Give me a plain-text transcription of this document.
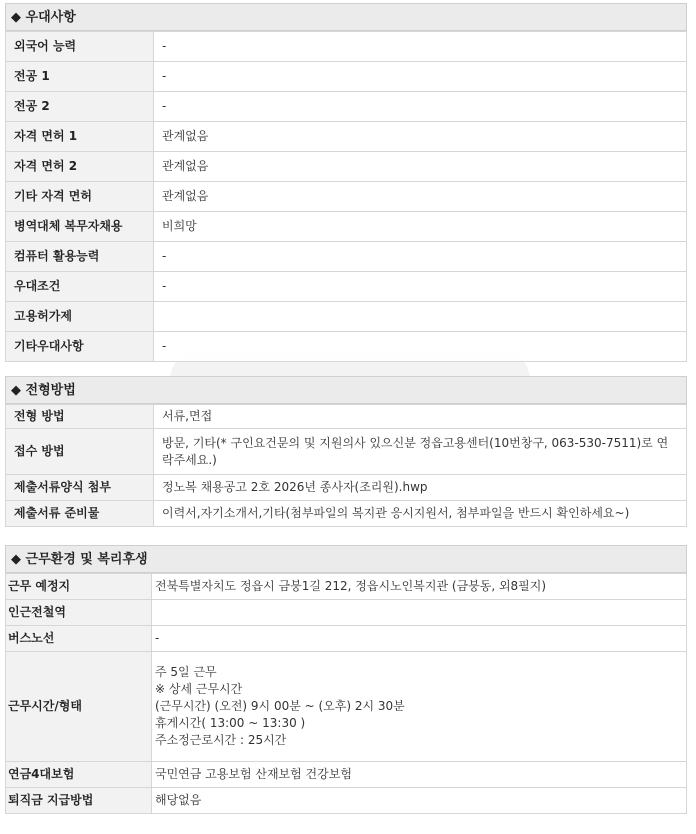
◆ 우대사항
외국어 능력	-
전공 1	-
전공 2	-
자격 면허 1	관계없음
자격 면허 2	관계없음
기타 자격 면허	관계없음
병역대체 복무자채용	비희망
컴퓨터 활용능력	-
우대조건	-
고용허가제	
기타우대사항	-
◆ 전형방법
전형 방법	서류,면접
접수 방법	방문, 기타(* 구인요건문의 및 지원의사 있으신분 정읍고용센터(10번창구, 063-530-7511)로 연락주세요.)
제출서류양식 첨부	정노복 채용공고 2호 2026년 종사자(조리원).hwp
제출서류 준비물	이력서,자기소개서,기타(첨부파일의 복지관 응시지원서, 첨부파일을 반드시 확인하세요~)
◆ 근무환경 및 복리후생
근무 예정지	전북특별자치도 정읍시 금붕1길 212, 정읍시노인복지관 (금붕동, 외8필지)
인근전철역	
버스노선	-
근무시간/형태	주 5일 근무
※ 상세 근무시간
(근무시간) (오전) 9시 00분 ~ (오후) 2시 30분
휴게시간( 13:00 ~ 13:30 )
주소정근로시간 : 25시간

연금4대보험	국민연금 고용보험 산재보험 건강보험
퇴직금 지급방법	해당없음
